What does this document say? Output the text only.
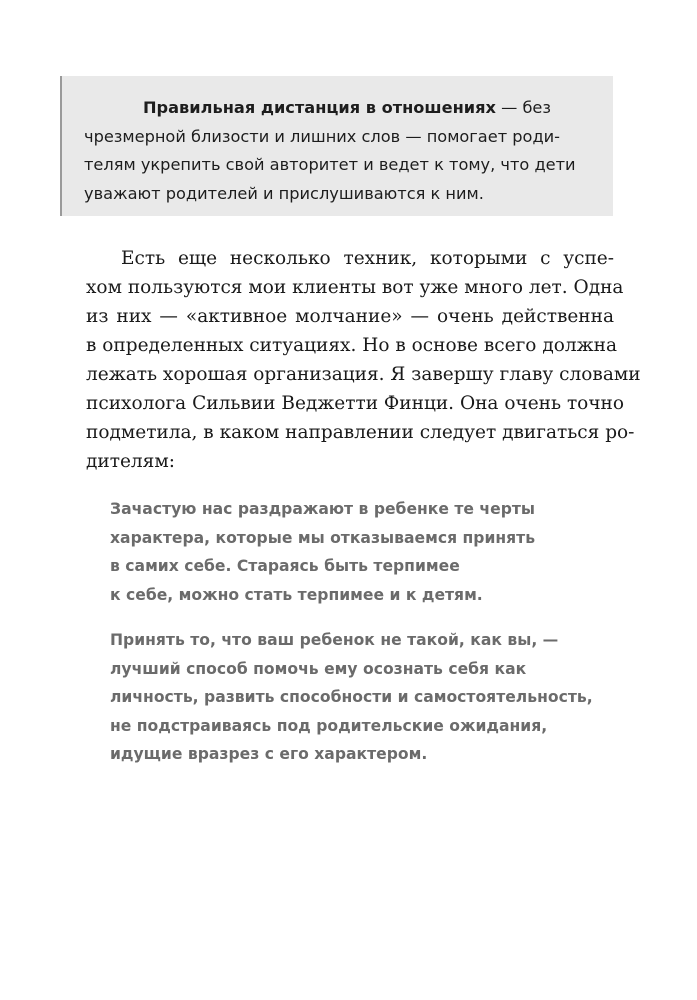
Правильная дистанция в отношениях — без
чрезмерной близости и лишних слов — помогает роди-
телям укрепить свой авторитет и ведет к тому, что дети
уважают родителей и прислушиваются к ним.
Есть еще несколько техник, которыми с успе-
хом пользуются мои клиенты вот уже много лет. Одна
из них — «активное молчание» — очень действенна
в определенных ситуациях. Но в основе всего должна
лежать хорошая организация. Я завершу главу словами
психолога Сильвии Веджетти Финци. Она очень точно
подметила, в каком направлении следует двигаться ро-
дителям:
Зачастую нас раздражают в ребенке те черты
характера, которые мы отказываемся принять
в самих себе. Стараясь быть терпимее
к себе, можно стать терпимее и к детям.
Принять то, что ваш ребенок не такой, как вы, —
лучший способ помочь ему осознать себя как
личность, развить способности и самостоятельность,
не подстраиваясь под родительские ожидания,
идущие вразрез с его характером.
